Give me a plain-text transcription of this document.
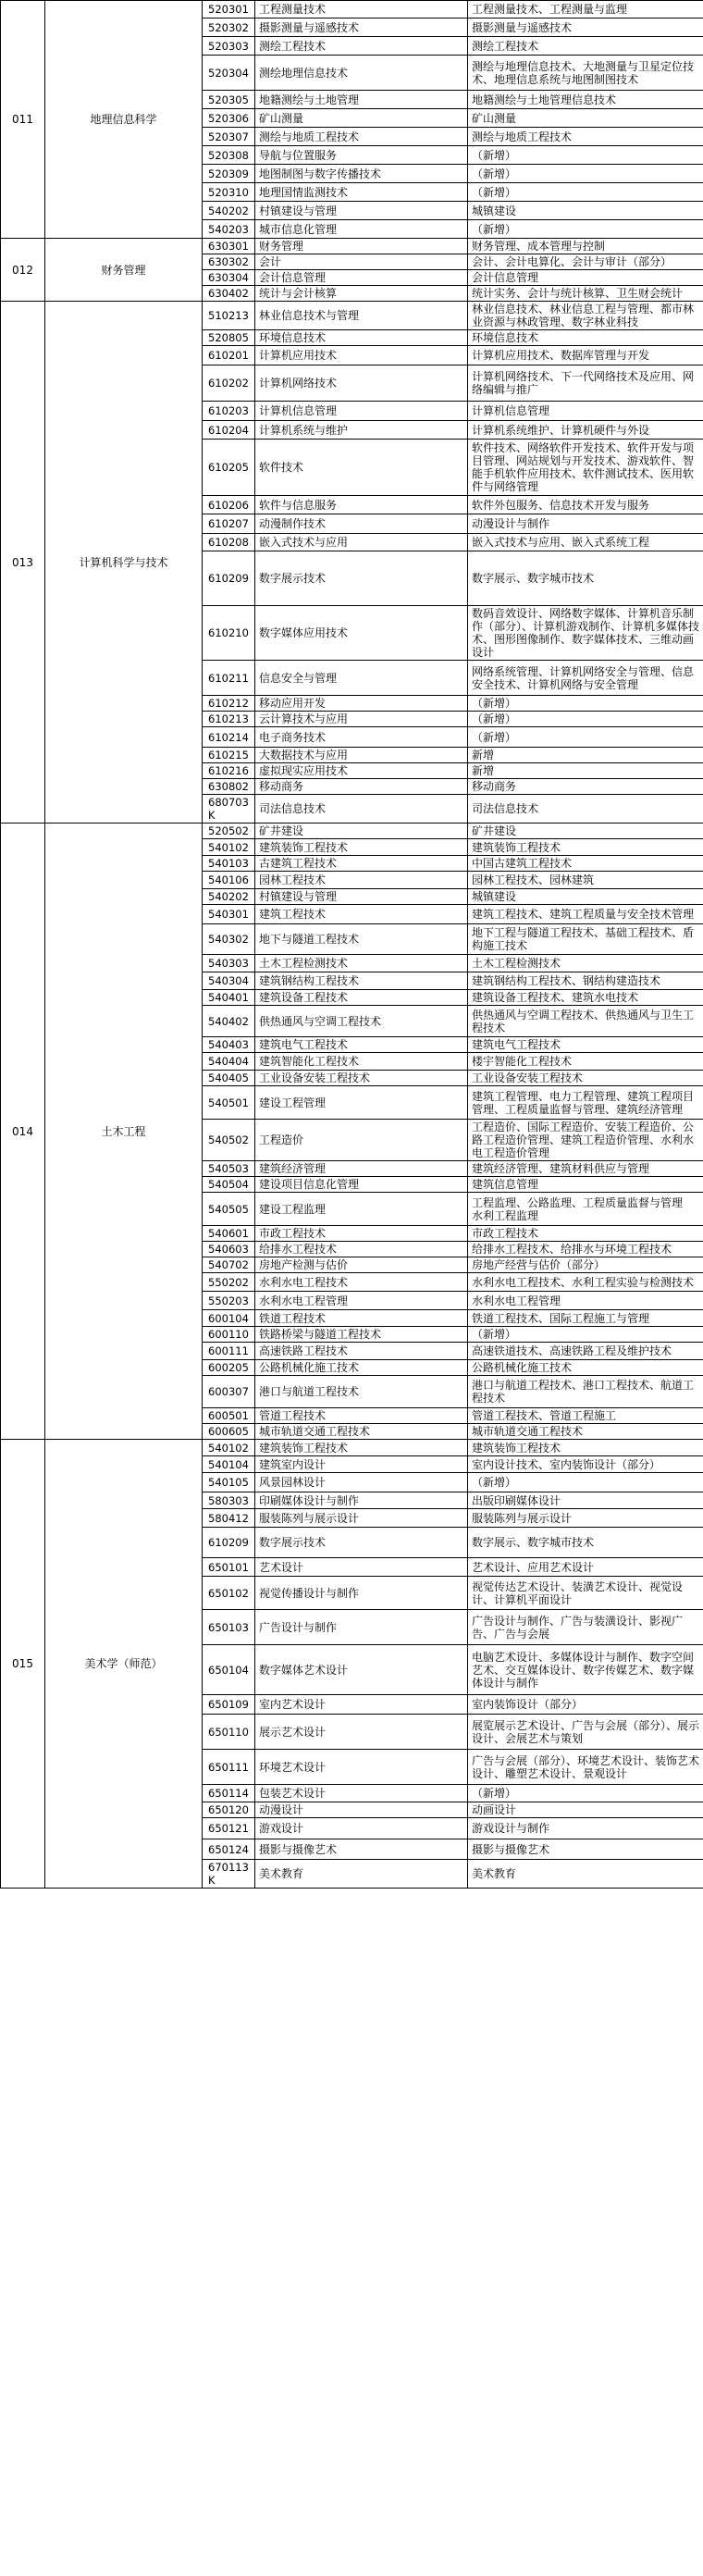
011	地理信息科学	520301	工程测量技术	工程测量技术、工程测量与监理
		520302	摄影测量与遥感技术	摄影测量与遥感技术
		520303	测绘工程技术	测绘工程技术
		520304	测绘地理信息技术	测绘与地理信息技术、大地测量与卫星定位技术、地理信息系统与地图制图技术
		520305	地籍测绘与土地管理	地籍测绘与土地管理信息技术
		520306	矿山测量	矿山测量
		520307	测绘与地质工程技术	测绘与地质工程技术
		520308	导航与位置服务	（新增）
		520309	地图制图与数字传播技术	（新增）
		520310	地理国情监测技术	（新增）
		540202	村镇建设与管理	城镇建设
		540203	城市信息化管理	（新增）
012	财务管理	630301	财务管理	财务管理、成本管理与控制
		630302	会计	会计、会计电算化、会计与审计（部分）
		630304	会计信息管理	会计信息管理
		630402	统计与会计核算	统计实务、会计与统计核算、卫生财会统计
013	计算机科学与技术	510213	林业信息技术与管理	林业信息技术、林业信息工程与管理、都市林业资源与林政管理、数字林业科技
		520805	环境信息技术	环境信息技术
		610201	计算机应用技术	计算机应用技术、数据库管理与开发
		610202	计算机网络技术	计算机网络技术、下一代网络技术及应用、网络编辑与推广
		610203	计算机信息管理	计算机信息管理
		610204	计算机系统与维护	计算机系统维护、计算机硬件与外设
		610205	软件技术	软件技术、网络软件开发技术、软件开发与项目管理、网站规划与开发技术、游戏软件、智能手机软件应用技术、软件测试技术、医用软件与网络管理
		610206	软件与信息服务	软件外包服务、信息技术开发与服务
		610207	动漫制作技术	动漫设计与制作
		610208	嵌入式技术与应用	嵌入式技术与应用、嵌入式系统工程
		610209	数字展示技术	数字展示、数字城市技术
		610210	数字媒体应用技术	数码音效设计、网络数字媒体、计算机音乐制作（部分）、计算机游戏制作、计算机多媒体技术、图形图像制作、数字媒体技术、三维动画设计
		610211	信息安全与管理	网络系统管理、计算机网络安全与管理、信息安全技术、计算机网络与安全管理
		610212	移动应用开发	（新增）
		610213	云计算技术与应用	（新增）
		610214	电子商务技术	（新增）
		610215	大数据技术与应用	新增
		610216	虚拟现实应用技术	新增
		630802	移动商务	移动商务
		680703K	司法信息技术	司法信息技术
014	土木工程	520502	矿井建设	矿井建设
		540102	建筑装饰工程技术	建筑装饰工程技术
		540103	古建筑工程技术	中国古建筑工程技术
		540106	园林工程技术	园林工程技术、园林建筑
		540202	村镇建设与管理	城镇建设
		540301	建筑工程技术	建筑工程技术、建筑工程质量与安全技术管理
		540302	地下与隧道工程技术	地下工程与隧道工程技术、基础工程技术、盾构施工技术
		540303	土木工程检测技术	土木工程检测技术
		540304	建筑钢结构工程技术	建筑钢结构工程技术、钢结构建造技术
		540401	建筑设备工程技术	建筑设备工程技术、建筑水电技术
		540402	供热通风与空调工程技术	供热通风与空调工程技术、供热通风与卫生工程技术
		540403	建筑电气工程技术	建筑电气工程技术
		540404	建筑智能化工程技术	楼宇智能化工程技术
		540405	工业设备安装工程技术	工业设备安装工程技术
		540501	建设工程管理	建筑工程管理、电力工程管理、建筑工程项目管理、工程质量监督与管理、建筑经济管理
		540502	工程造价	工程造价、国际工程造价、安装工程造价、公路工程造价管理、建筑工程造价管理、水利水电工程造价管理
		540503	建筑经济管理	建筑经济管理、建筑材料供应与管理
		540504	建设项目信息化管理	建筑信息管理
		540505	建设工程监理	工程监理、公路监理、工程质量监督与管理　水利工程监理
		540601	市政工程技术	市政工程技术
		540603	给排水工程技术	给排水工程技术、给排水与环境工程技术
		540702	房地产检测与估价	房地产经营与估价（部分）
		550202	水利水电工程技术	水利水电工程技术、水利工程实验与检测技术
		550203	水利水电工程管理	水利水电工程管理
		600104	铁道工程技术	铁道工程技术、国际工程施工与管理
		600110	铁路桥梁与隧道工程技术	（新增）
		600111	高速铁路工程技术	高速铁道技术、高速铁路工程及维护技术
		600205	公路机械化施工技术	公路机械化施工技术
		600307	港口与航道工程技术	港口与航道工程技术、港口工程技术、航道工程技术
		600501	管道工程技术	管道工程技术、管道工程施工
		600605	城市轨道交通工程技术	城市轨道交通工程技术
015	美术学（师范）	540102	建筑装饰工程技术	建筑装饰工程技术
		540104	建筑室内设计	室内设计技术、室内装饰设计（部分）
		540105	风景园林设计	（新增）
		580303	印刷媒体设计与制作	出版印刷媒体设计
		580412	服装陈列与展示设计	服装陈列与展示设计
		610209	数字展示技术	数字展示、数字城市技术
		650101	艺术设计	艺术设计、应用艺术设计
		650102	视觉传播设计与制作	视觉传达艺术设计、装潢艺术设计、视觉设计、计算机平面设计
		650103	广告设计与制作	广告设计与制作、广告与装潢设计、影视广告、广告与会展
		650104	数字媒体艺术设计	电脑艺术设计、多媒体设计与制作、数字空间艺术、交互媒体设计、数字传媒艺术、数字媒体设计与制作
		650109	室内艺术设计	室内装饰设计（部分）
		650110	展示艺术设计	展览展示艺术设计、广告与会展（部分）、展示设计、会展艺术与策划
		650111	环境艺术设计	广告与会展（部分）、环境艺术设计、装饰艺术设计、雕塑艺术设计、景观设计
		650114	包装艺术设计	（新增）
		650120	动漫设计	动画设计
		650121	游戏设计	游戏设计与制作
		650124	摄影与摄像艺术	摄影与摄像艺术
		670113K	美术教育	美术教育
